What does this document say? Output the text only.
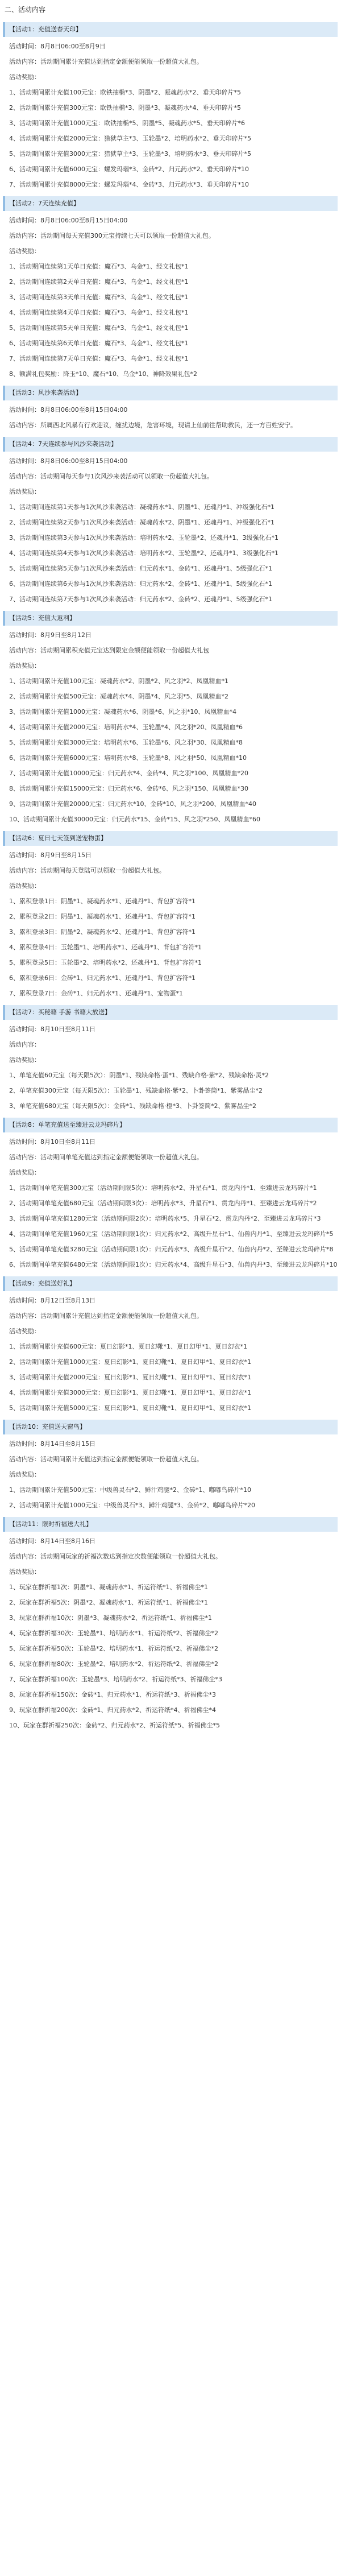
二、活动内容
【活动1：充值送春天印】
活动时间：8月8日06:00至8月9日
活动内容：活动期间累计充值达到指定金额便能领取一份超值大礼包。
活动奖励：
1、活动期间累计充值100元宝：欧铁抽椭*3、阴墨*2、凝魂药水*2、垂天印碎片*5
2、活动期间累计充值300元宝：欧铁抽椭*3、阴墨*3、凝魂药水*4、垂天印碎片*5
3、活动期间累计充值1000元宝：欧铁抽椭*5、阴墨*5、凝魂药水*5、垂天印碎片*6
4、活动期间累计充值2000元宝：猎狱草主*3、玉轮墨*2、培明药水*2、垂天印碎片*5
5、活动期间累计充值3000元宝：猎狱草主*3、玉轮墨*3、培明药水*3、垂天印碎片*5
6、活动期间累计充值6000元宝：螺发玛瑙*3、金砖*2、归元药水*2、垂天印碎片*10
7、活动期间累计充值8000元宝：螺发玛瑙*4、金砖*3、归元药水*3、垂天印碎片*10
【活动2：7天连续充值】
活动时间：8月8日06:00至8月15日04:00
活动内容：活动期间每天充值300元宝持续七天可以领取一份超值大礼包。
活动奖励：
1、活动期间连续第1天单日充值：魔石*3、乌金*1、经文礼包*1
2、活动期间连续第2天单日充值：魔石*3、乌金*1、经文礼包*1
3、活动期间连续第3天单日充值：魔石*3、乌金*1、经文礼包*1
4、活动期间连续第4天单日充值：魔石*3、乌金*1、经文礼包*1
5、活动期间连续第5天单日充值：魔石*3、乌金*1、经文礼包*1
6、活动期间连续第6天单日充值：魔石*3、乌金*1、经文礼包*1
7、活动期间连续第7天单日充值：魔石*3、乌金*1、经文礼包*1
8、额满礼包奖励：降玉*10、魔石*10、乌金*10、神降效果礼包*2
【活动3：风沙来袭活动】
活动时间：8月8日06:00至8月15日04:00
活动内容：所属西北风暴有行欢迎议，缠扰边境，危害环境，现请上仙前往帮助救民，还一方百姓安宁。
【活动4：7天连续参与风沙来袭活动】
活动时间：8月8日06:00至8月15日04:00
活动内容：活动期间每天参与1次风沙来袭活动可以领取一份超值大礼包。
活动奖励：
1、活动期间连续第1天参与1次风沙来袭活动：凝魂药水*1、阴墨*1、还魂丹*1、冲级强化石*1
2、活动期间连续第2天参与1次风沙来袭活动：凝魂药水*2、阴墨*1、还魂丹*1、冲级强化石*1
3、活动期间连续第3天参与1次风沙来袭活动：培明药水*2、玉轮墨*2、还魂丹*1、3级强化石*1
4、活动期间连续第4天参与1次风沙来袭活动：培明药水*2、玉轮墨*2、还魂丹*1、3级强化石*1
5、活动期间连续第5天参与1次风沙来袭活动：归元药水*1、金砖*1、还魂丹*1、5级强化石*1
6、活动期间连续第6天参与1次风沙来袭活动：归元药水*2、金砖*1、还魂丹*1、5级强化石*1
7、活动期间连续第7天参与1次风沙来袭活动：归元药水*2、金砖*2、还魂丹*1、5级强化石*1
【活动5：充值大返利】
活动时间：8月9日至8月12日
活动内容：活动期间累积充值元宝达到限定金额便能领取一份超值大礼包
活动奖励：
1、活动期间累计充值100元宝：凝魂药水*2、阴墨*2、风之羽*2、凤凰精血*1
2、活动期间累计充值500元宝：凝魂药水*4、阴墨*4、风之羽*5、凤凰精血*2
3、活动期间累计充值1000元宝：凝魂药水*6、阴墨*6、风之羽*10、凤凰精血*4
4、活动期间累计充值2000元宝：培明药水*4、玉轮墨*4、风之羽*20、凤凰精血*6
5、活动期间累计充值3000元宝：培明药水*6、玉轮墨*6、风之羽*30、凤凰精血*8
6、活动期间累计充值6000元宝：培明药水*8、玉轮墨*8、风之羽*50、凤凰精血*10
7、活动期间累计充值10000元宝：归元药水*4、金砖*4、风之羽*100、凤凰精血*20
8、活动期间累计充值15000元宝：归元药水*6、金砖*6、风之羽*150、凤凰精血*30
9、活动期间累计充值20000元宝：归元药水*10、金砖*10、风之羽*200、凤凰精血*40
10、活动期间累计充值30000元宝：归元药水*15、金砖*15、风之羽*250、凤凰精血*60
【活动6：夏日七天签到送宠物蛋】
活动时间：8月9日至8月15日
活动内容：活动期间每天登陆可以领取一份超值大礼包。
活动奖励：
1、累积登录1日：阴墨*1、凝魂药水*1、还魂丹*1、背包扩容符*1
2、累积登录2日：阴墨*1、凝魂药水*1、还魂丹*1、背包扩容符*1
3、累积登录3日：阴墨*2、凝魂药水*2、还魂丹*1、背包扩容符*1
4、累积登录4日：玉轮墨*1、培明药水*1、还魂丹*1、背包扩容符*1
5、累积登录5日：玉轮墨*2、培明药水*2、还魂丹*1、背包扩容符*1
6、累积登录6日：金砖*1、归元药水*1、还魂丹*1、背包扩容符*1
7、累积登录7日：金砖*1、归元药水*1、还魂丹*1、宠物蛋*1
【活动7：买秘籍 手游 书籍大放送】
活动时间：8月10日至8月11日
活动内容：
活动奖励：
1、单笔充值60元宝（每天限5次）：阴墨*1、残缺命格·蛋*1、残缺命格·紫*2、残缺命格·灵*2
2、单笔充值300元宝（每天限5次）：玉轮墨*1、残缺命格·紫*2、卜卦签筒*1、紫雾晶尘*2
3、单笔充值680元宝（每天限5次）：金砖*1、残缺命格·橙*3、卜卦签筒*2、紫雾晶尘*2
【活动8：单笔充值送至臻进云龙玛碎片】
活动时间：8月10日至8月11日
活动内容：活动期间单笔充值达到指定金额便能领取一份超值大礼包。
活动奖励：
1、活动期间单笔充值300元宝（活动期间限5次）：培明药水*2、升星石*1、贯龙内丹*1、至臻进云龙玛碎片*1
2、活动期间单笔充值680元宝（活动期间限3次）：培明药水*3、升星石*1、贯龙内丹*1、至臻进云龙玛碎片*2
3、活动期间单笔充值1280元宝（活动期间限2次）：培明药水*5、升星石*2、贯龙内丹*2、至臻进云龙玛碎片*3
4、活动期间单笔充值1960元宝（活动期间限1次）：归元药水*2、高级升星石*1、仙兽内丹*1、至臻进云龙玛碎片*5
5、活动期间单笔充值3280元宝（活动期间限1次）：归元药水*3、高级升星石*2、仙兽内丹*2、至臻进云龙玛碎片*8
6、活动期间单笔充值6480元宝（活动期间限1次）：归元药水*4、高级升星石*3、仙兽内丹*3、至臻进云龙玛碎片*10
【活动9：充值送好礼】
活动时间：8月12日至8月13日
活动内容：活动期间累计充值达到指定金额便能领取一份超值大礼包。
活动奖励：
1、活动期间累计充值600元宝：夏日幻影*1、夏日幻靴*1、夏日幻甲*1、夏日幻衣*1
2、活动期间累计充值1000元宝：夏日幻影*1、夏日幻靴*1、夏日幻甲*1、夏日幻衣*1
3、活动期间累计充值2000元宝：夏日幻影*1、夏日幻靴*1、夏日幻甲*1、夏日幻衣*1
4、活动期间累计充值3000元宝：夏日幻影*1、夏日幻靴*1、夏日幻甲*1、夏日幻衣*1
5、活动期间累计充值5000元宝：夏日幻影*1、夏日幻靴*1、夏日幻甲*1、夏日幻衣*1
【活动10：充值送天窗鸟】
活动时间：8月14日至8月15日
活动内容：活动期间累计充值达到指定金额便能领取一份超值大礼包。
活动奖励：
1、活动期间累计充值500元宝：中级兽灵石*2、鲜汁鸡腿*2、金砖*1、嘟嘟鸟碎片*10
2、活动期间累计充值1000元宝：中级兽灵石*3、鲜汁鸡腿*3、金砖*2、嘟嘟鸟碎片*20
【活动11：限时祈福送大礼】
活动时间：8月14日至8月16日
活动内容：活动期间玩家的祈福次数达到指定次数便能领取一份超值大礼包。
活动奖励：
1、玩家在群祈福1次：阴墨*1、凝魂药水*1、祈运符纸*1、祈福佛尘*1
2、玩家在群祈福5次：阴墨*2、凝魂药水*1、祈运符纸*1、祈福佛尘*1
3、玩家在群祈福10次：阴墨*3、凝魂药水*2、祈运符纸*1、祈福佛尘*1
4、玩家在群祈福30次：玉轮墨*1、培明药水*1、祈运符纸*2、祈福佛尘*2
5、玩家在群祈福50次：玉轮墨*2、培明药水*1、祈运符纸*2、祈福佛尘*2
6、玩家在群祈福80次：玉轮墨*2、培明药水*2、祈运符纸*2、祈福佛尘*2
7、玩家在群祈福100次：玉轮墨*3、培明药水*2、祈运符纸*3、祈福佛尘*3
8、玩家在群祈福150次：金砖*1、归元药水*1、祈运符纸*3、祈福佛尘*3
9、玩家在群祈福200次：金砖*1、归元药水*2、祈运符纸*4、祈福佛尘*4
10、玩家在群祈福250次：金砖*2、归元药水*2、祈运符纸*5、祈福佛尘*5
